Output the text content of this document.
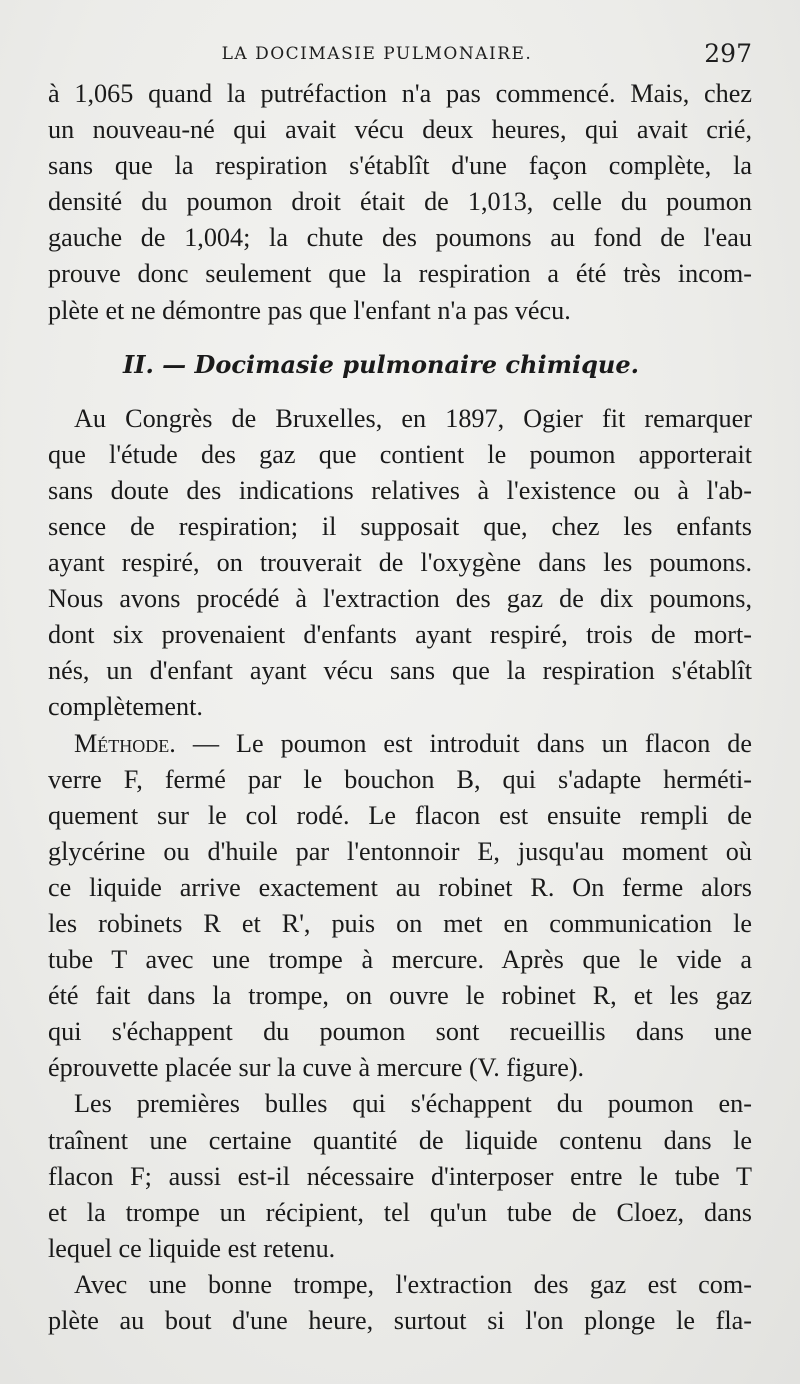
LA DOCIMASIE PULMONAIRE.	297
à 1,065 quand la putréfaction n'a pas commencé. Mais, chez
un nouveau-né qui avait vécu deux heures, qui avait crié,
sans que la respiration s'établît d'une façon complète, la
densité du poumon droit était de 1,013, celle du poumon
gauche de 1,004; la chute des poumons au fond de l'eau
prouve donc seulement que la respiration a été très incom-
plète et ne démontre pas que l'enfant n'a pas vécu.
II. — Docimasie pulmonaire chimique.
Au Congrès de Bruxelles, en 1897, Ogier fit remarquer
que l'étude des gaz que contient le poumon apporterait
sans doute des indications relatives à l'existence ou à l'ab-
sence de respiration; il supposait que, chez les enfants
ayant respiré, on trouverait de l'oxygène dans les poumons.
Nous avons procédé à l'extraction des gaz de dix poumons,
dont six provenaient d'enfants ayant respiré, trois de mort-
nés, un d'enfant ayant vécu sans que la respiration s'établît
complètement.
Méthode. — Le poumon est introduit dans un flacon de
verre F, fermé par le bouchon B, qui s'adapte herméti-
quement sur le col rodé. Le flacon est ensuite rempli de
glycérine ou d'huile par l'entonnoir E, jusqu'au moment où
ce liquide arrive exactement au robinet R. On ferme alors
les robinets R et R', puis on met en communication le
tube T avec une trompe à mercure. Après que le vide a
été fait dans la trompe, on ouvre le robinet R, et les gaz
qui s'échappent du poumon sont recueillis dans une
éprouvette placée sur la cuve à mercure (V. figure).
Les premières bulles qui s'échappent du poumon en-
traînent une certaine quantité de liquide contenu dans le
flacon F; aussi est-il nécessaire d'interposer entre le tube T
et la trompe un récipient, tel qu'un tube de Cloez, dans
lequel ce liquide est retenu.
Avec une bonne trompe, l'extraction des gaz est com-
plète au bout d'une heure, surtout si l'on plonge le fla-
